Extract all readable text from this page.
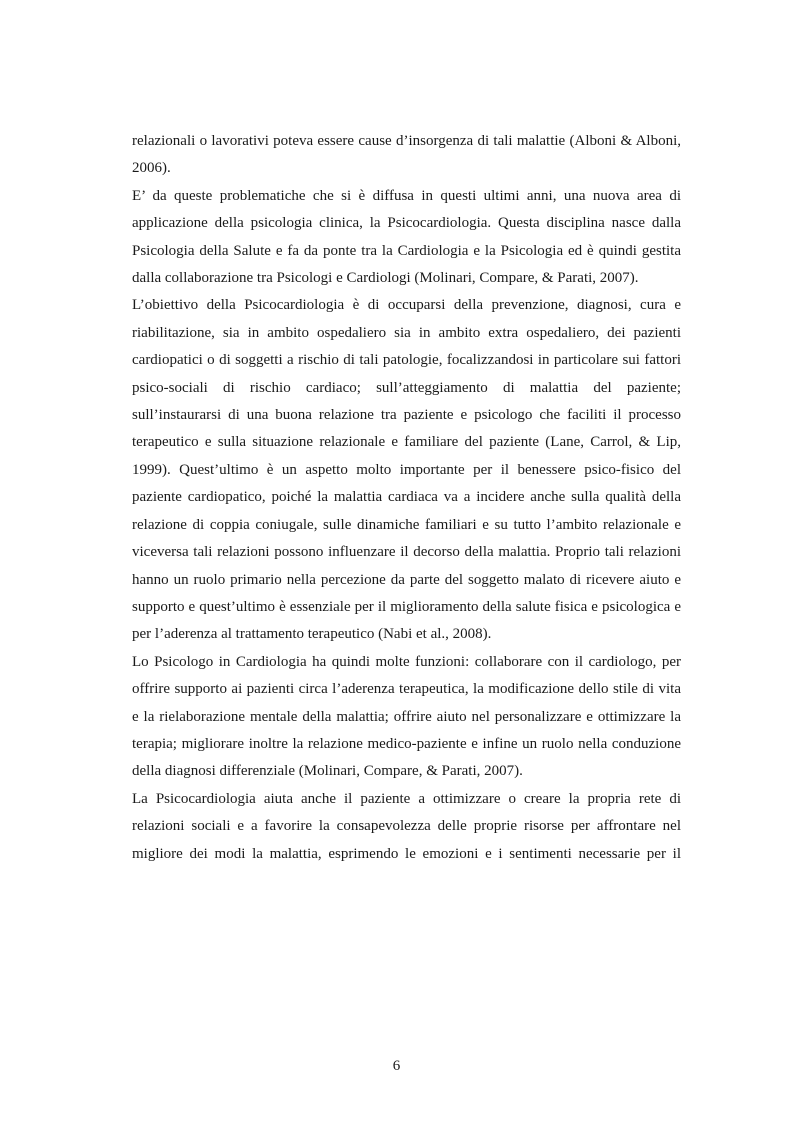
relazionali o lavorativi poteva essere cause d’insorgenza di tali malattie (Alboni & Alboni, 2006).

E’ da queste problematiche che si è diffusa in questi ultimi anni, una nuova area di applicazione della psicologia clinica, la Psicocardiologia. Questa disciplina nasce dalla Psicologia della Salute e fa da ponte tra la Cardiologia e la Psicologia ed è quindi gestita dalla collaborazione tra Psicologi e Cardiologi (Molinari, Compare, & Parati, 2007).

L’obiettivo della Psicocardiologia è di occuparsi della prevenzione, diagnosi, cura e riabilitazione, sia in ambito ospedaliero sia in ambito extra ospedaliero, dei pazienti cardiopatici o di soggetti a rischio di tali patologie, focalizzandosi in particolare sui fattori psico-sociali di rischio cardiaco; sull’atteggiamento di malattia del paziente; sull’instaurarsi di una buona relazione tra paziente e psicologo che faciliti il processo terapeutico e sulla situazione relazionale e familiare del paziente (Lane, Carrol, & Lip, 1999). Quest’ultimo è un aspetto molto importante per il benessere psico-fisico del paziente cardiopatico, poiché la malattia cardiaca va a incidere anche sulla qualità della relazione di coppia coniugale, sulle dinamiche familiari e su tutto l’ambito relazionale e viceversa tali relazioni possono influenzare il decorso della malattia. Proprio tali relazioni hanno un ruolo primario nella percezione da parte del soggetto malato di ricevere aiuto e supporto e quest’ultimo è essenziale per il miglioramento della salute fisica e psicologica e per l’aderenza al trattamento terapeutico (Nabi et al., 2008).

Lo Psicologo in Cardiologia ha quindi molte funzioni: collaborare con il cardiologo, per offrire supporto ai pazienti circa l’aderenza terapeutica, la modificazione dello stile di vita e la rielaborazione mentale della malattia; offrire aiuto nel personalizzare e ottimizzare la terapia; migliorare inoltre la relazione medico-paziente e infine un ruolo nella conduzione della diagnosi differenziale (Molinari, Compare, & Parati, 2007).

La Psicocardiologia aiuta anche il paziente a ottimizzare o creare la propria rete di relazioni sociali e a favorire la consapevolezza delle proprie risorse per affrontare nel migliore dei modi la malattia, esprimendo le emozioni e i sentimenti necessarie per il

6
